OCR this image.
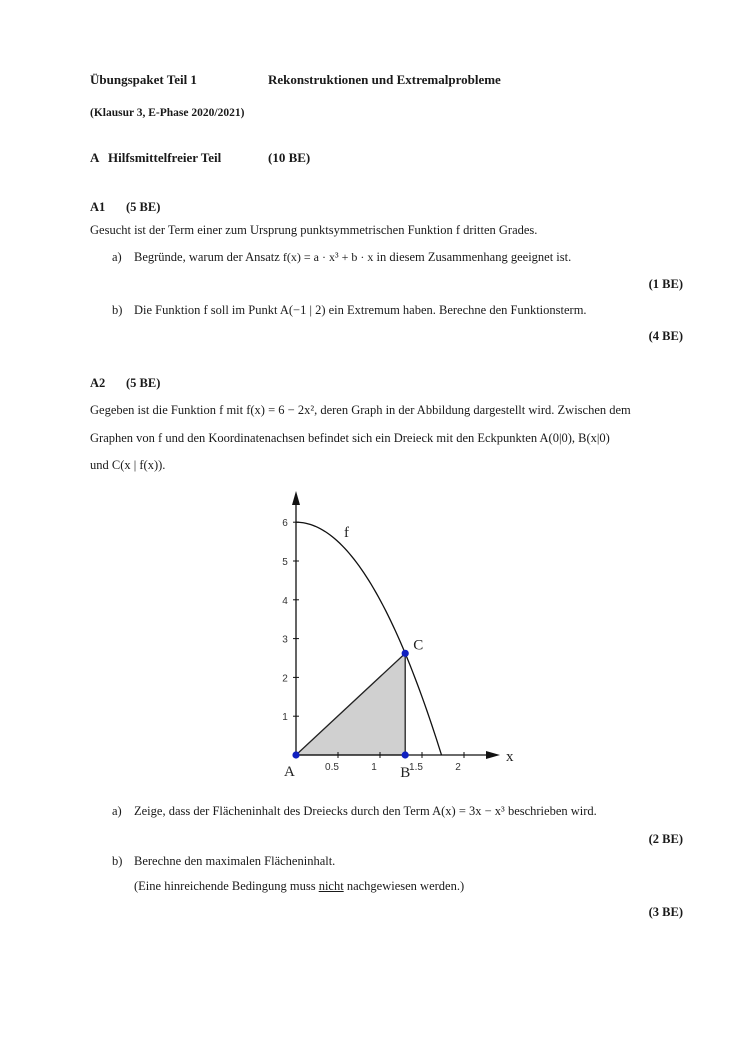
Übungspaket Teil 1	Rekonstruktionen und Extremalprobleme
(Klausur 3, E-Phase 2020/2021)
A Hilfsmittelfreier Teil	(10 BE)
A1 (5 BE)
Gesucht ist der Term einer zum Ursprung punktsymmetrischen Funktion f dritten Grades.
a) Begründe, warum der Ansatz f(x) = a · x³ + b · x in diesem Zusammenhang geeignet ist.
(1 BE)
b) Die Funktion f soll im Punkt A(−1 | 2) ein Extremum haben. Berechne den Funktionsterm.
(4 BE)
A2 (5 BE)
Gegeben ist die Funktion f mit f(x) = 6 − 2x², deren Graph in der Abbildung dargestellt wird. Zwischen dem
Graphen von f und den Koordinatenachsen befindet sich ein Dreieck mit den Eckpunkten A(0|0), B(x|0)
und C(x | f(x)).
x
1
2
3
4
5
6
0.5	1	1.5	2
f
A	B
C
a) Zeige, dass der Flächeninhalt des Dreiecks durch den Term A(x) = 3x − x³ beschrieben wird.
(2 BE)
b) Berechne den maximalen Flächeninhalt.
(Eine hinreichende Bedingung muss nicht nachgewiesen werden.)
(3 BE)
